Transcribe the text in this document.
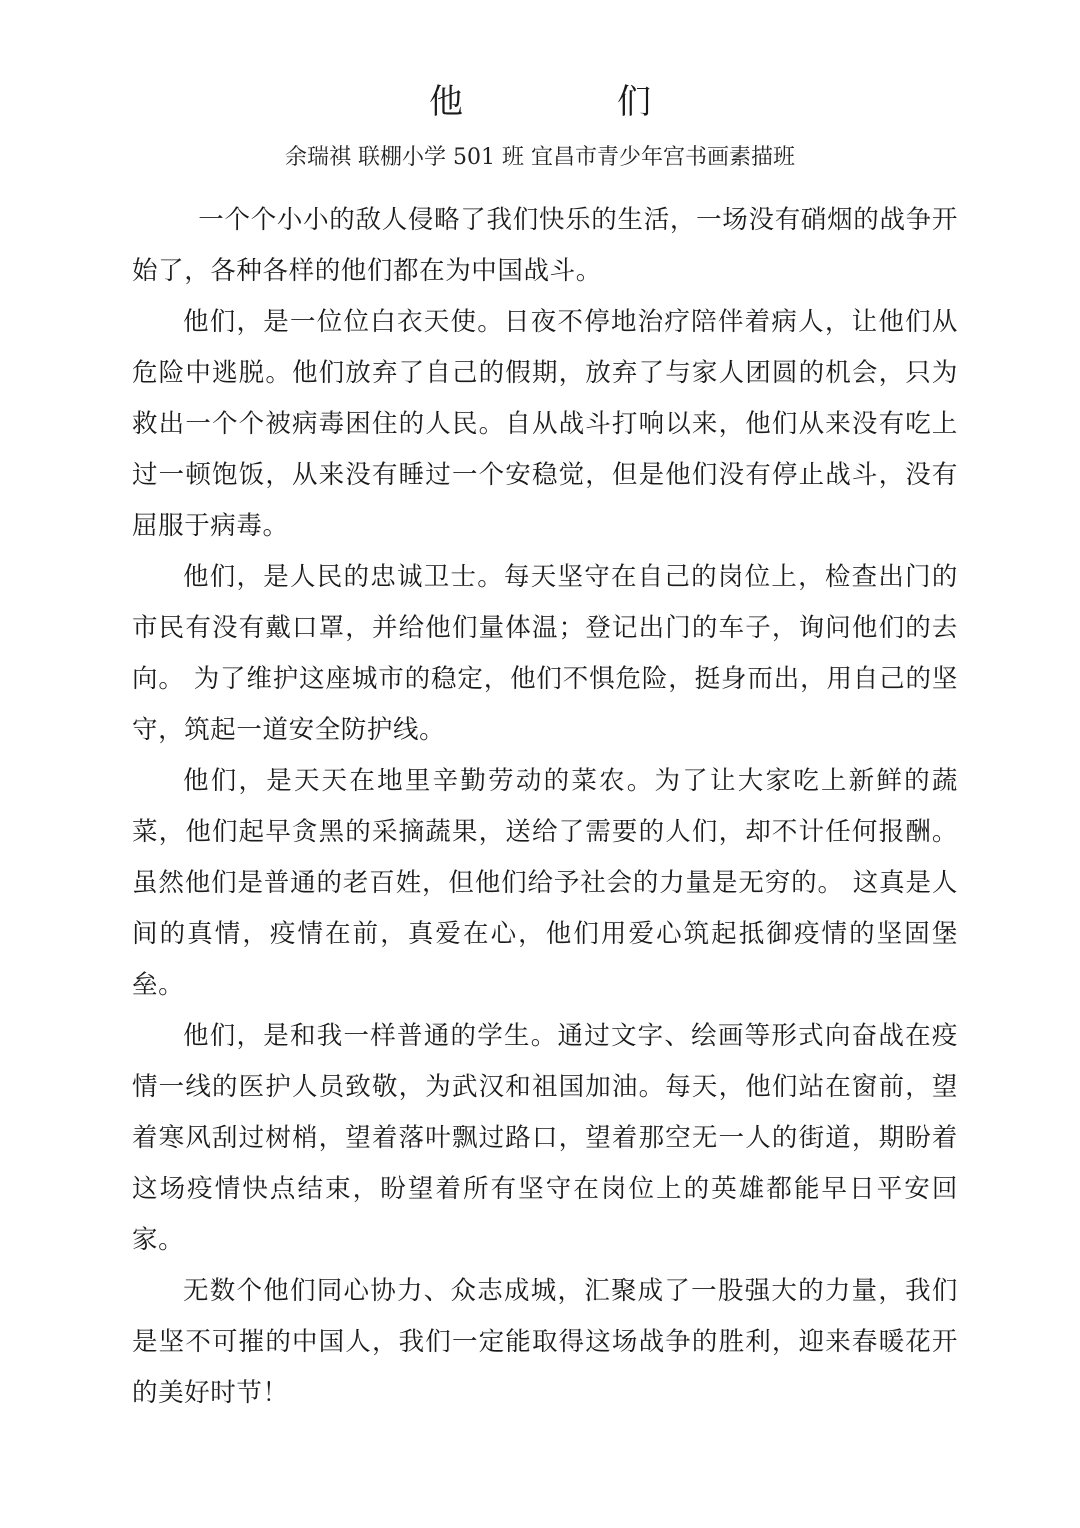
他　们

余瑞祺 联棚小学 501 班 宜昌市青少年宫书画素描班

一个个小小的敌人侵略了我们快乐的生活，一场没有硝烟的战争开始了，各种各样的他们都在为中国战斗。

他们，是一位位白衣天使。日夜不停地治疗陪伴着病人，让他们从危险中逃脱。他们放弃了自己的假期，放弃了与家人团圆的机会，只为救出一个个被病毒困住的人民。自从战斗打响以来，他们从来没有吃上过一顿饱饭，从来没有睡过一个安稳觉，但是他们没有停止战斗，没有屈服于病毒。

他们，是人民的忠诚卫士。每天坚守在自己的岗位上，检查出门的市民有没有戴口罩，并给他们量体温；登记出门的车子，询问他们的去向。 为了维护这座城市的稳定，他们不惧危险，挺身而出，用自己的坚守，筑起一道安全防护线。

他们，是天天在地里辛勤劳动的菜农。为了让大家吃上新鲜的蔬菜，他们起早贪黑的采摘蔬果，送给了需要的人们，却不计任何报酬。虽然他们是普通的老百姓，但他们给予社会的力量是无穷的。 这真是人间的真情，疫情在前，真爱在心，他们用爱心筑起抵御疫情的坚固堡垒。

他们，是和我一样普通的学生。通过文字、绘画等形式向奋战在疫情一线的医护人员致敬，为武汉和祖国加油。每天，他们站在窗前，望着寒风刮过树梢，望着落叶飘过路口，望着那空无一人的街道，期盼着这场疫情快点结束，盼望着所有坚守在岗位上的英雄都能早日平安回家。

无数个他们同心协力、众志成城，汇聚成了一股强大的力量，我们是坚不可摧的中国人，我们一定能取得这场战争的胜利，迎来春暖花开的美好时节！
